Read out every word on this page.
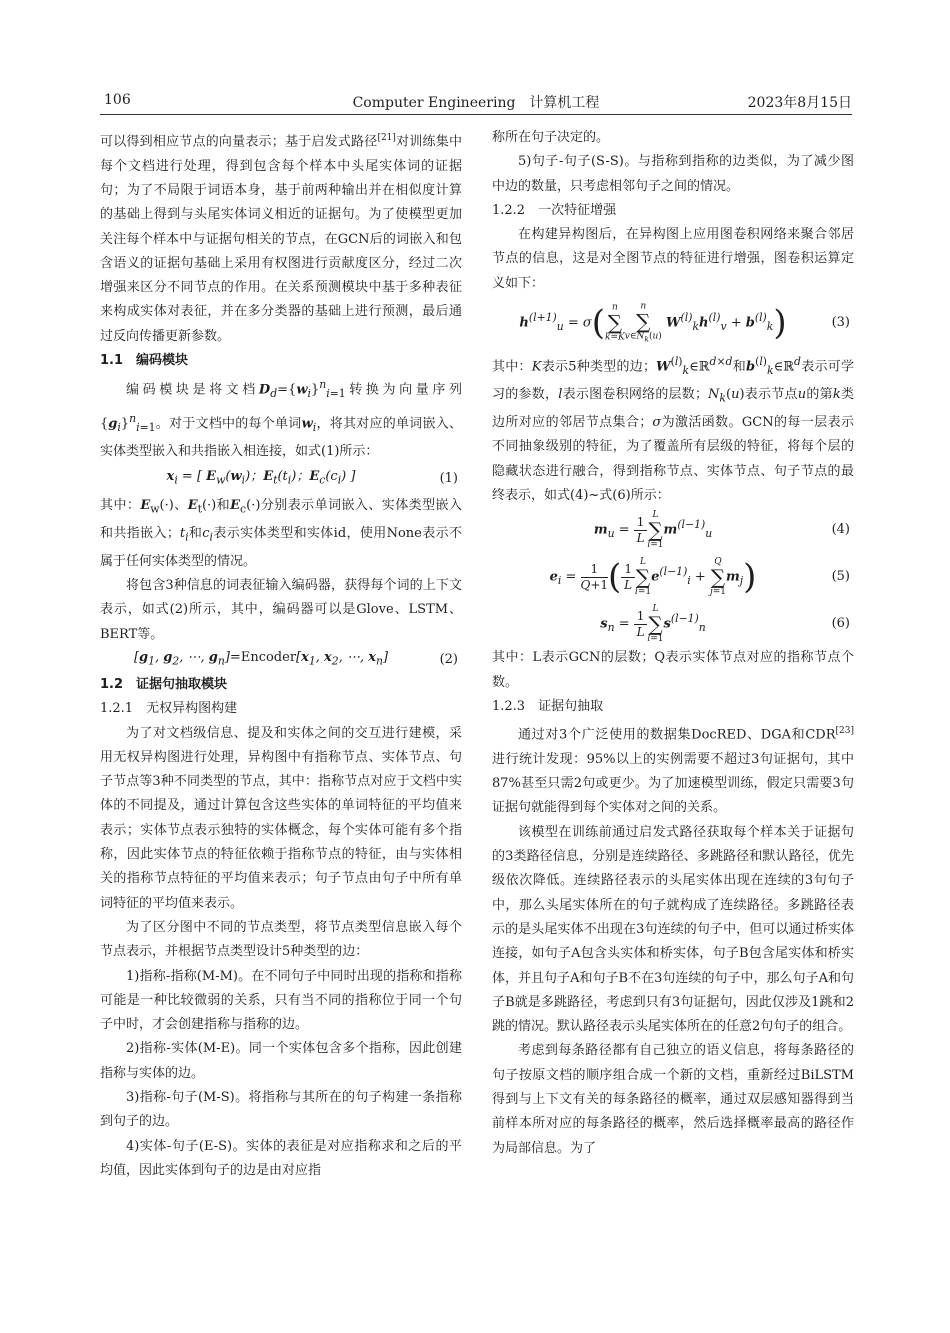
106	Computer Engineering　计算机工程	2023年8月15日

可以得到相应节点的向量表示；基于启发式路径[21]对训练集中每个文档进行处理，得到包含每个样本中头尾实体词的证据句；为了不局限于词语本身，基于前两种输出并在相似度计算的基础上得到与头尾实体词义相近的证据句。为了使模型更加关注每个样本中与证据句相关的节点，在GCN后的词嵌入和包含语义的证据句基础上采用有权图进行贡献度区分，经过二次增强来区分不同节点的作用。在关系预测模块中基于多种表征来构成实体对表征，并在多分类器的基础上进行预测，最后通过反向传播更新参数。

1.1　编码模块

编码模块是将文档$D_d=\{w_i\}^n_{i=1}$转换为向量序列$\{g_i\}^n_{i=1}$。对于文档中的每个单词$w_i$，将其对应的单词嵌入、实体类型嵌入和共指嵌入相连接，如式(1)所示：

$x_i$ = [ $E_w(w_i)$；$E_t(t_i)$；$E_c(c_i)$ ]	(1)

其中：$E_w(\cdot)$、$E_t(\cdot)$和$E_c(\cdot)$分别表示单词嵌入、实体类型嵌入和共指嵌入；$t_i$和$c_i$表示实体类型和实体id，使用None表示不属于任何实体类型的情况。

将包含3种信息的词表征输入编码器，获得每个词的上下文表示，如式(2)所示，其中，编码器可以是Glove、LSTM、BERT等。

[$g_1$, $g_2$, ⋯, $g_n]=Encoder[x_1$, $x_2$, ⋯, $x_n$]	(2)

1.2　证据句抽取模块

1.2.1　无权异构图构建

为了对文档级信息、提及和实体之间的交互进行建模，采用无权异构图进行处理，异构图中有指称节点、实体节点、句子节点等3种不同类型的节点，其中：指称节点对应于文档中实体的不同提及，通过计算包含这些实体的单词特征的平均值来表示；实体节点表示独特的实体概念，每个实体可能有多个指称，因此实体节点的特征依赖于指称节点的特征，由与实体相关的指称节点特征的平均值来表示；句子节点由句子中所有单词特征的平均值来表示。

为了区分图中不同的节点类型，将节点类型信息嵌入每个节点表示，并根据节点类型设计5种类型的边：

1)指称-指称(M-M)。在不同句子中同时出现的指称和指称可能是一种比较微弱的关系，只有当不同的指称位于同一个句子中时，才会创建指称与指称的边。

2)指称-实体(M-E)。同一个实体包含多个指称，因此创建指称与实体的边。

3)指称-句子(M-S)。将指称与其所在的句子构建一条指称到句子的边。

4)实体-句子(E-S)。实体的表征是对应指称求和之后的平均值，因此实体到句子的边是由对应指

称所在句子决定的。

5)句子-句子(S-S)。与指称到指称的边类似，为了减少图中边的数量，只考虑相邻句子之间的情况。

1.2.2　一次特征增强

在构建异构图后，在异构图上应用图卷积网络来聚合邻居节点的信息，这是对全图节点的特征进行增强，图卷积运算定义如下：

$h^{(l+1)}_u = \sigma$( n
∑
k=Kn
∑
$v\in N_k(u) W^{(l)}_kh^{(l)}_v + b^{(l)}_k$)	(3)

其中：K表示5种类型的边；$W^{(l)}_k\in ℝ^{d\times d}$和$b^{(l)}_k\in ℝ^d$表示可学习的参数，l表示图卷积网络的层数；$N_k(u)$表示节点u的第k类边所对应的邻居节点集合；σ为激活函数。GCN的每一层表示不同抽象级别的特征，为了覆盖所有层级的特征，将每个层的隐藏状态进行融合，得到指称节点、实体节点、句子节点的最终表示，如式(4)~式(6)所示：

$m_u = \frac{1}{L}$ L
∑
$l=1m^{(l-1)}_u$	(4)
$e_i = \frac{1}{Q+1}$ ( $\frac{1}{L}$ L
∑
$l=1e^{(l-1)}_i + Q$
∑
$j=1m_j$)	(5)
$s_n = \frac{1}{L}$ L
∑
$l=1s^{(l-1)}_n$	(6)

其中：L表示GCN的层数；Q表示实体节点对应的指称节点个数。

1.2.3　证据句抽取

通过对3个广泛使用的数据集DocRED、DGA和CDR[23]进行统计发现：95%以上的实例需要不超过3句证据句，其中87%甚至只需2句或更少。为了加速模型训练，假定只需要3句证据句就能得到每个实体对之间的关系。

该模型在训练前通过启发式路径获取每个样本关于证据句的3类路径信息，分别是连续路径、多跳路径和默认路径，优先级依次降低。连续路径表示的头尾实体出现在连续的3句句子中，那么头尾实体所在的句子就构成了连续路径。多跳路径表示的是头尾实体不出现在3句连续的句子中，但可以通过桥实体连接，如句子A包含头实体和桥实体，句子B包含尾实体和桥实体，并且句子A和句子B不在3句连续的句子中，那么句子A和句子B就是多跳路径，考虑到只有3句证据句，因此仅涉及1跳和2跳的情况。默认路径表示头尾实体所在的任意2句句子的组合。

考虑到每条路径都有自己独立的语义信息，将每条路径的句子按原文档的顺序组合成一个新的文档，重新经过BiLSTM得到与上下文有关的每条路径的概率，通过双层感知器得到当前样本所对应的每条路径的概率，然后选择概率最高的路径作为局部信息。为了
